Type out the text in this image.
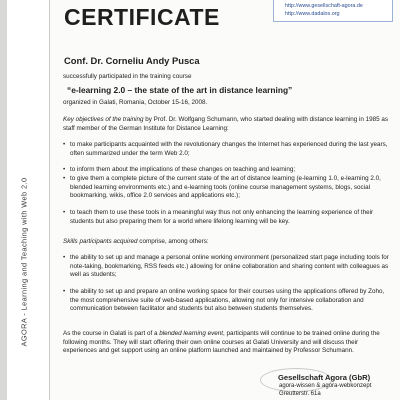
AGORA - Learning and Teaching with Web 2.0
CERTIFICATE	http://www.gesellschaft-agora.de
http://www.dadalos.org
Conf. Dr. Corneliu Andy Pusca
successfully participated in the training course
“e-learning 2.0 – the state of the art in distance learning”
organized in Galati, Romania, October 15-16, 2008.
Key objectives of the training by Prof. Dr. Wolfgang Schumann, who started dealing with distance learning in 1985 as staff member of the German Institute for Distance Learning:
• to make participants acquainted with the revolutionary changes the Internet has experienced during the last years, often summarized under the term Web 2.0;
• to inform them about the implications of these changes on teaching and learning;
• to give them a complete picture of the current state of the art of distance learning (e-learning 1.0, e-learning 2.0, blended learning environments etc.) and e-learning tools (online course management systems, blogs, social bookmarking, wikis, office 2.0 services and applications etc.);
• to teach them to use these tools in a meaningful way thus not only enhancing the learning experience of their students but also preparing them for a world where lifelong learning will be key.
Skills participants acquired comprise, among others:
• the ability to set up and manage a personal online working environment (personalized start page including tools for note-taking, bookmarking, RSS feeds etc.) allowing for online collaboration and sharing content with colleagues as well as students;
• the ability to set up and prepare an online working space for their courses using the applications offered by Zoho, the most comprehensive suite of web-based applications, allowing not only for intensive collaboration and communication between facilitator and students but also between students themselves.
As the course in Galati is part of a blended learning event, participants will continue to be trained online during the following months. They will start offering their own online courses at Galati University and will discuss their experiences and get support using an online platform launched and maintained by Professor Schumann.
Gesellschaft Agora (GbR)
agora-wissen & agora-webkonzept
Greutterstr. 61a
